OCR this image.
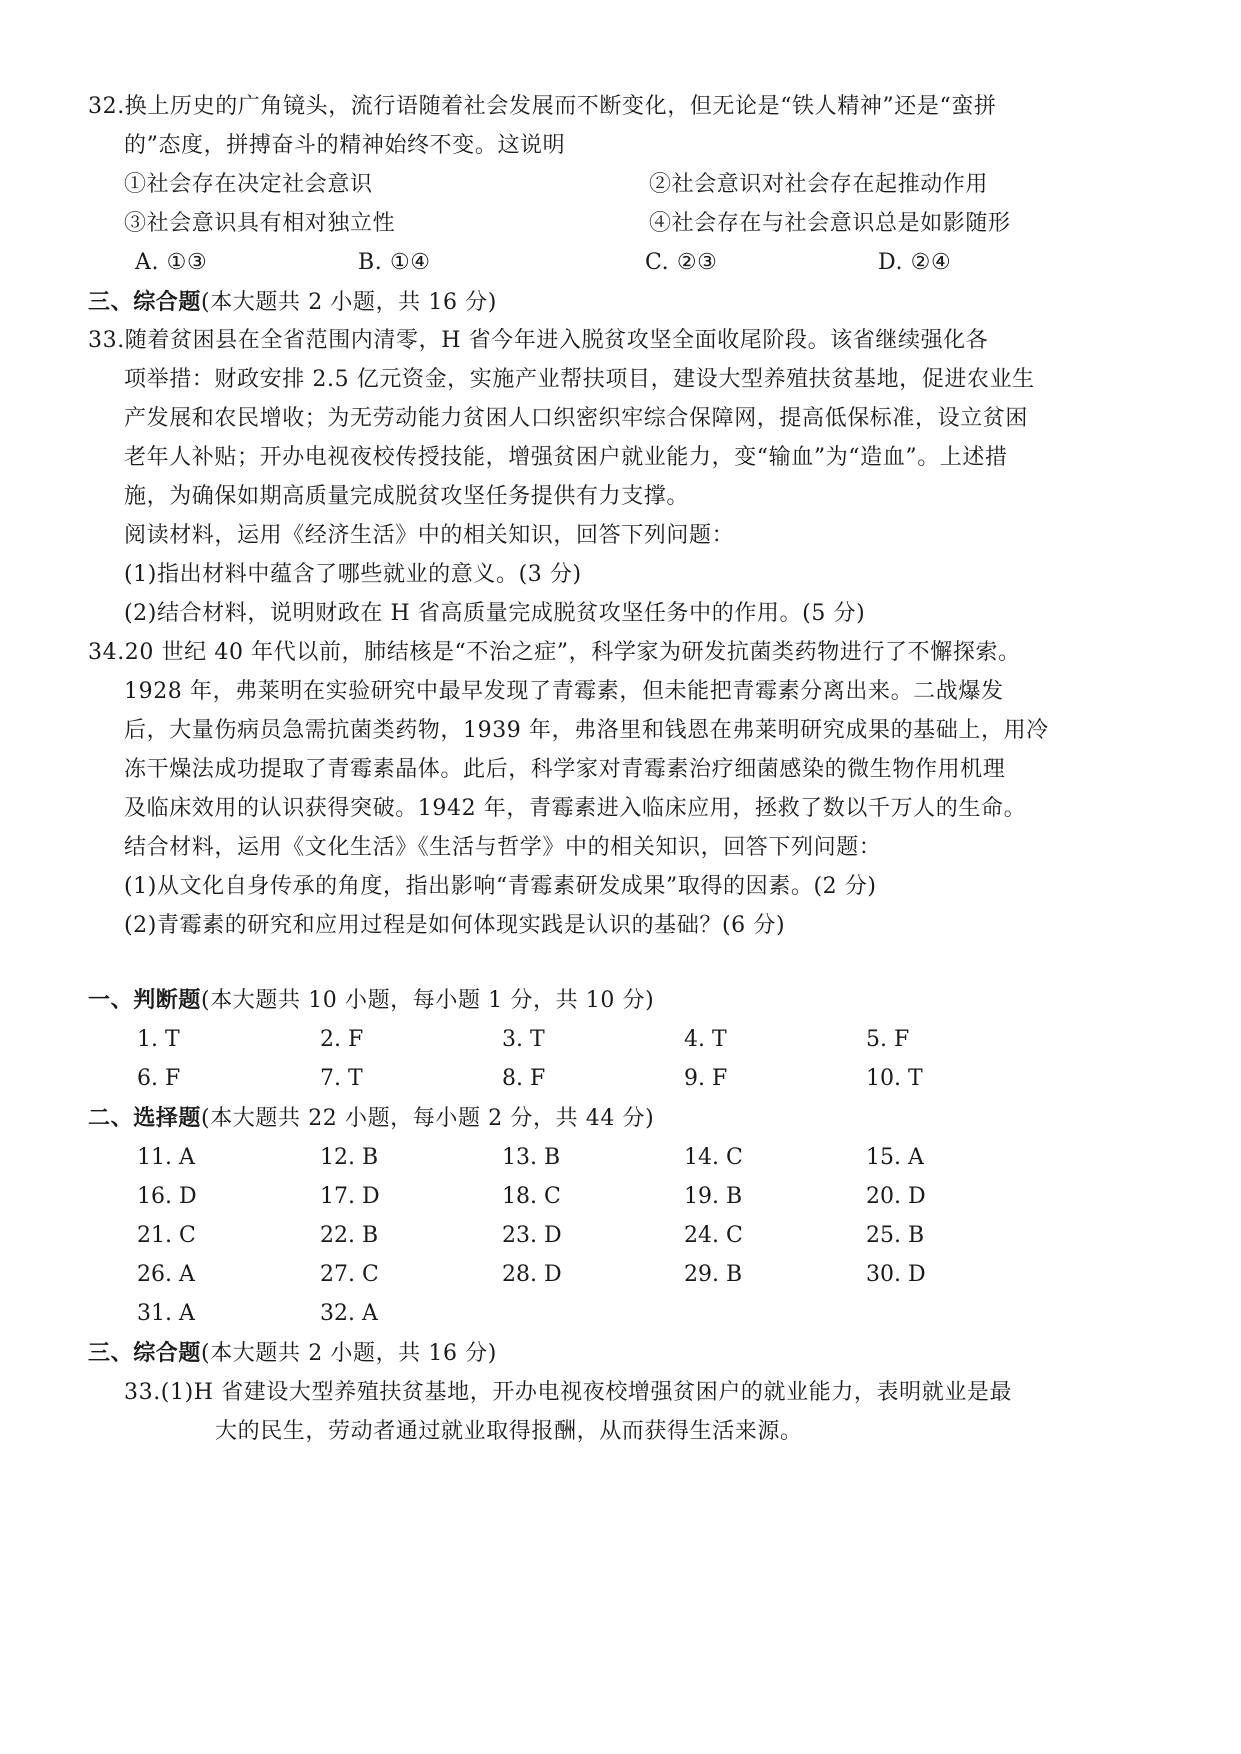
32.换上历史的广角镜头，流行语随着社会发展而不断变化，但无论是“铁人精神”还是“蛮拼
的”态度，拼搏奋斗的精神始终不变。这说明
①社会存在决定社会意识	②社会意识对社会存在起推动作用
③社会意识具有相对独立性	④社会存在与社会意识总是如影随形
A. ①③	B. ①④	C. ②③	D. ②④
三、综合题(本大题共 2 小题，共 16 分)
33.随着贫困县在全省范围内清零，H 省今年进入脱贫攻坚全面收尾阶段。该省继续强化各
项举措：财政安排 2.5 亿元资金，实施产业帮扶项目，建设大型养殖扶贫基地，促进农业生
产发展和农民增收；为无劳动能力贫困人口织密织牢综合保障网，提高低保标准，设立贫困
老年人补贴；开办电视夜校传授技能，增强贫困户就业能力，变“输血”为“造血”。上述措
施，为确保如期高质量完成脱贫攻坚任务提供有力支撑。
阅读材料，运用《经济生活》中的相关知识，回答下列问题：
(1)指出材料中蕴含了哪些就业的意义。(3 分)
(2)结合材料，说明财政在 H 省高质量完成脱贫攻坚任务中的作用。(5 分)
34.20 世纪 40 年代以前，肺结核是“不治之症”，科学家为研发抗菌类药物进行了不懈探索。
1928 年，弗莱明在实验研究中最早发现了青霉素，但未能把青霉素分离出来。二战爆发
后，大量伤病员急需抗菌类药物，1939 年，弗洛里和钱恩在弗莱明研究成果的基础上，用冷
冻干燥法成功提取了青霉素晶体。此后，科学家对青霉素治疗细菌感染的微生物作用机理
及临床效用的认识获得突破。1942 年，青霉素进入临床应用，拯救了数以千万人的生命。
结合材料，运用《文化生活》《生活与哲学》中的相关知识，回答下列问题：
(1)从文化自身传承的角度，指出影响“青霉素研发成果”取得的因素。(2 分)
(2)青霉素的研究和应用过程是如何体现实践是认识的基础？(6 分)
一、判断题(本大题共 10 小题，每小题 1 分，共 10 分)
1. T	2. F	3. T	4. T	5. F
6. F	7. T	8. F	9. F	10. T
二、选择题(本大题共 22 小题，每小题 2 分，共 44 分)
11. A	12. B	13. B	14. C	15. A
16. D	17. D	18. C	19. B	20. D
21. C	22. B	23. D	24. C	25. B
26. A	27. C	28. D	29. B	30. D
31. A	32. A
三、综合题(本大题共 2 小题，共 16 分)
33.(1)H 省建设大型养殖扶贫基地，开办电视夜校增强贫困户的就业能力，表明就业是最
大的民生，劳动者通过就业取得报酬，从而获得生活来源。
